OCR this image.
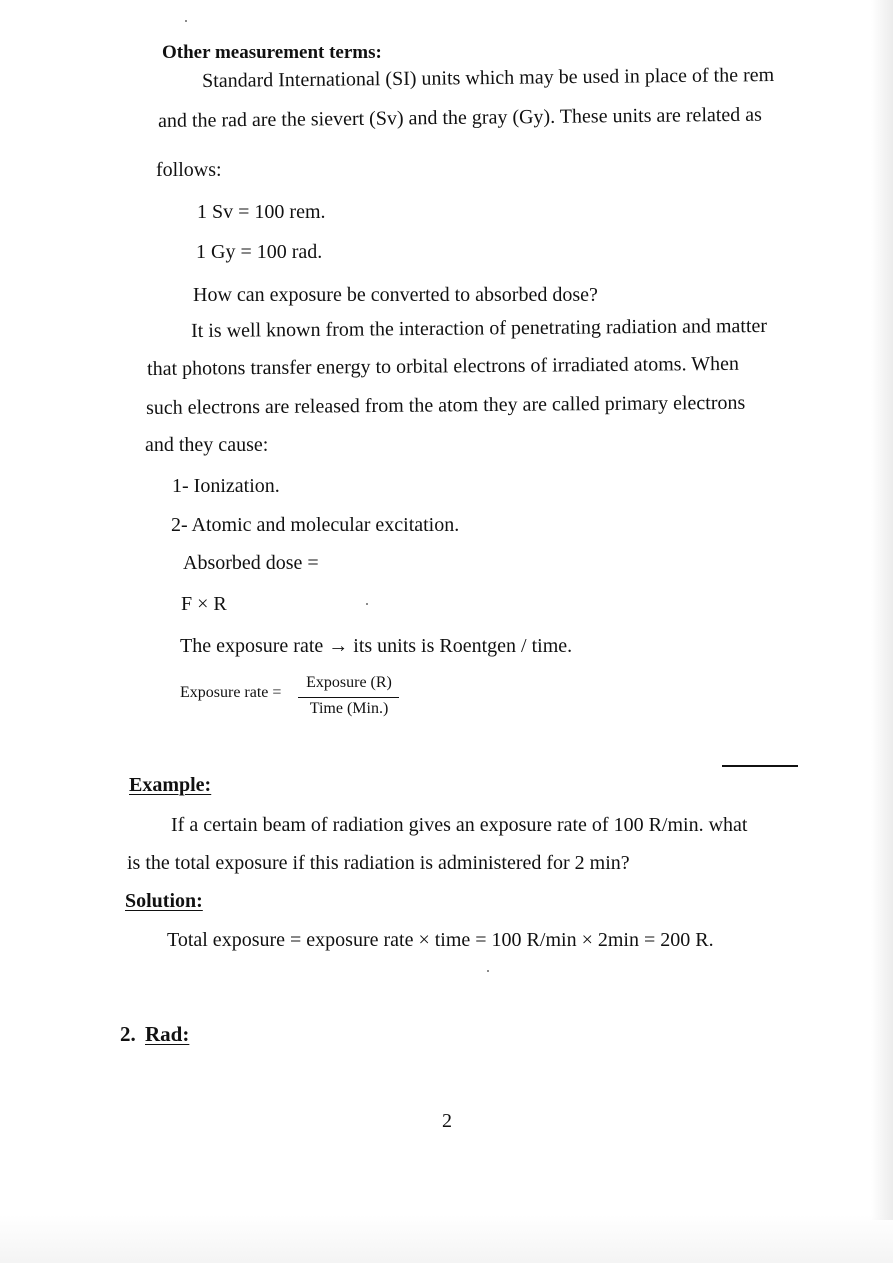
Other measurement terms:
Standard International (SI) units which may be used in place of the rem
and the rad are the sievert (Sv) and the gray (Gy). These units are related as
follows:
1 Sv = 100 rem.
1 Gy = 100 rad.
How can exposure be converted to absorbed dose?
It is well known from the interaction of penetrating radiation and matter
that photons transfer energy to orbital electrons of irradiated atoms. When
such electrons are released from the atom they are called primary electrons
and they cause:
1- Ionization.
2- Atomic and molecular excitation.
Absorbed dose =
F × R
The exposure rate → its units is Roentgen / time.
Exposure rate =
Exposure (R)
Time (Min.)
Example:
If a certain beam of radiation gives an exposure rate of 100 R/min. what
is the total exposure if this radiation is administered for 2 min?
Solution:
Total exposure = exposure rate × time = 100 R/min × 2min = 200 R.
2. Rad:
2
